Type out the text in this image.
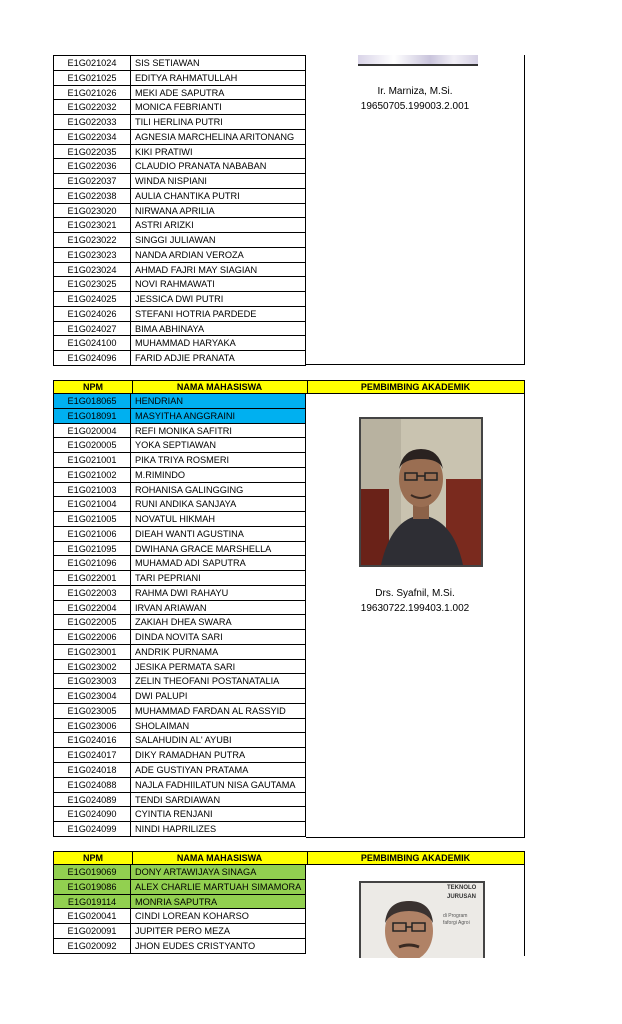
E1G021024	SIS SETIAWAN
E1G021025	EDITYA RAHMATULLAH
E1G021026	MEKI ADE SAPUTRA
E1G022032	MONICA FEBRIANTI
E1G022033	TILI HERLINA PUTRI
E1G022034	AGNESIA MARCHELINA ARITONANG
E1G022035	KIKI PRATIWI
E1G022036	CLAUDIO PRANATA NABABAN
E1G022037	WINDA NISPIANI
E1G022038	AULIA CHANTIKA PUTRI
E1G023020	NIRWANA APRILIA
E1G023021	ASTRI ARIZKI
E1G023022	SINGGI JULIAWAN
E1G023023	NANDA ARDIAN VEROZA
E1G023024	AHMAD FAJRI MAY SIAGIAN
E1G023025	NOVI RAHMAWATI
E1G024025	JESSICA DWI PUTRI
E1G024026	STEFANI HOTRIA PARDEDE
E1G024027	BIMA ABHINAYA
E1G024100	MUHAMMAD HARYAKA
E1G024096	FARID ADJIE PRANATA
Ir. Marniza, M.Si.
19650705.199003.2.001
NPM	NAMA MAHASISWA	PEMBIMBING AKADEMIK
E1G018065	HENDRIAN
E1G018091	MASYITHA ANGGRAINI
E1G020004	REFI MONIKA SAFITRI
E1G020005	YOKA SEPTIAWAN
E1G021001	PIKA TRIYA ROSMERI
E1G021002	M.RIMINDO
E1G021003	ROHANISA GALINGGING
E1G021004	RUNI ANDIKA SANJAYA
E1G021005	NOVATUL HIKMAH
E1G021006	DIEAH WANTI AGUSTINA
E1G021095	DWIHANA GRACE MARSHELLA
E1G021096	MUHAMAD ADI SAPUTRA
E1G022001	TARI PEPRIANI
E1G022003	RAHMA DWI RAHAYU
E1G022004	IRVAN ARIAWAN
E1G022005	ZAKIAH DHEA SWARA
E1G022006	DINDA NOVITA SARI
E1G023001	ANDRIK PURNAMA
E1G023002	JESIKA PERMATA SARI
E1G023003	ZELIN THEOFANI POSTANATALIA
E1G023004	DWI PALUPI
E1G023005	MUHAMMAD FARDAN AL RASSYID
E1G023006	SHOLAIMAN
E1G024016	SALAHUDIN AL' AYUBI
E1G024017	DIKY RAMADHAN PUTRA
E1G024018	ADE GUSTIYAN PRATAMA
E1G024088	NAJLA FADHIILATUN NISA GAUTAMA
E1G024089	TENDI SARDIAWAN
E1G024090	CYINTIA RENJANI
E1G024099	NINDI HAPRILIZES
Drs. Syafnil, M.Si.
19630722.199403.1.002
NPM	NAMA MAHASISWA	PEMBIMBING AKADEMIK
E1G019069	DONY ARTAWIJAYA SINAGA
E1G019086	ALEX CHARLIE MARTUAH SIMAMORA
E1G019114	MONRIA SAPUTRA
E1G020041	CINDI LOREAN KOHARSO
E1G020091	JUPITER PERO MEZA
E1G020092	JHON EUDES CRISTYANTO
TEKNOLO
JURUSAN
di Program
faforgi Agroi
